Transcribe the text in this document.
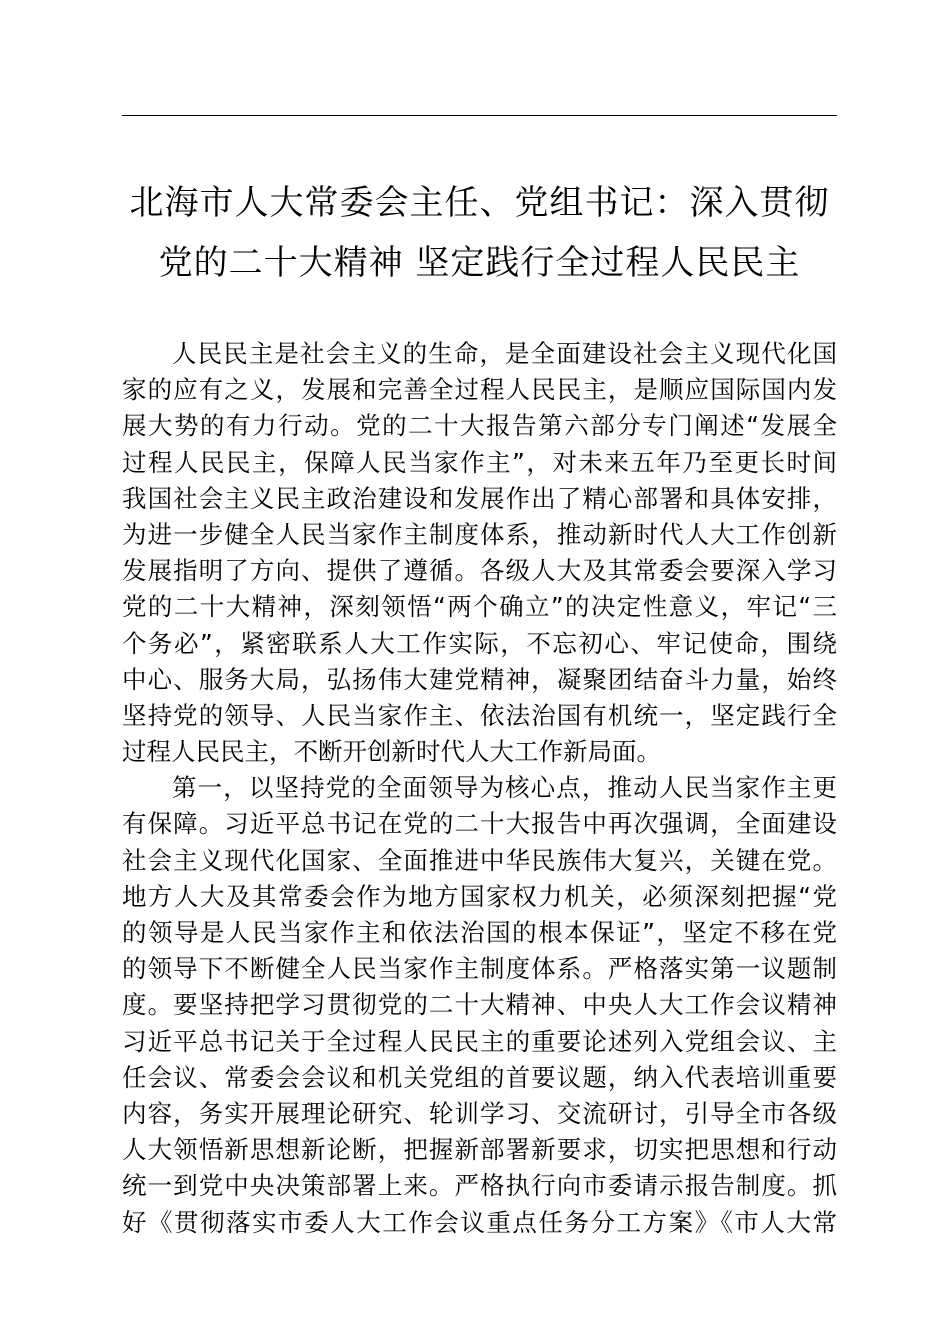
北海市人大常委会主任、党组书记：深入贯彻
党的二十大精神 坚定践行全过程人民民主
人民民主是社会主义的生命，是全面建设社会主义现代化国
家的应有之义，发展和完善全过程人民民主，是顺应国际国内发
展大势的有力行动。党的二十大报告第六部分专门阐述“发展全
过程人民民主，保障人民当家作主”，对未来五年乃至更长时间
我国社会主义民主政治建设和发展作出了精心部署和具体安排，
为进一步健全人民当家作主制度体系，推动新时代人大工作创新
发展指明了方向、提供了遵循。各级人大及其常委会要深入学习
党的二十大精神，深刻领悟“两个确立”的决定性意义，牢记“三
个务必”，紧密联系人大工作实际，不忘初心、牢记使命，围绕
中心、服务大局，弘扬伟大建党精神，凝聚团结奋斗力量，始终
坚持党的领导、人民当家作主、依法治国有机统一，坚定践行全
过程人民民主，不断开创新时代人大工作新局面。
第一，以坚持党的全面领导为核心点，推动人民当家作主更
有保障。习近平总书记在党的二十大报告中再次强调，全面建设
社会主义现代化国家、全面推进中华民族伟大复兴，关键在党。
地方人大及其常委会作为地方国家权力机关，必须深刻把握“党
的领导是人民当家作主和依法治国的根本保证”，坚定不移在党
的领导下不断健全人民当家作主制度体系。严格落实第一议题制
度。要坚持把学习贯彻党的二十大精神、中央人大工作会议精神
习近平总书记关于全过程人民民主的重要论述列入党组会议、主
任会议、常委会会议和机关党组的首要议题，纳入代表培训重要
内容，务实开展理论研究、轮训学习、交流研讨，引导全市各级
人大领悟新思想新论断，把握新部署新要求，切实把思想和行动
统一到党中央决策部署上来。严格执行向市委请示报告制度。抓
好《贯彻落实市委人大工作会议重点任务分工方案》《市人大常
